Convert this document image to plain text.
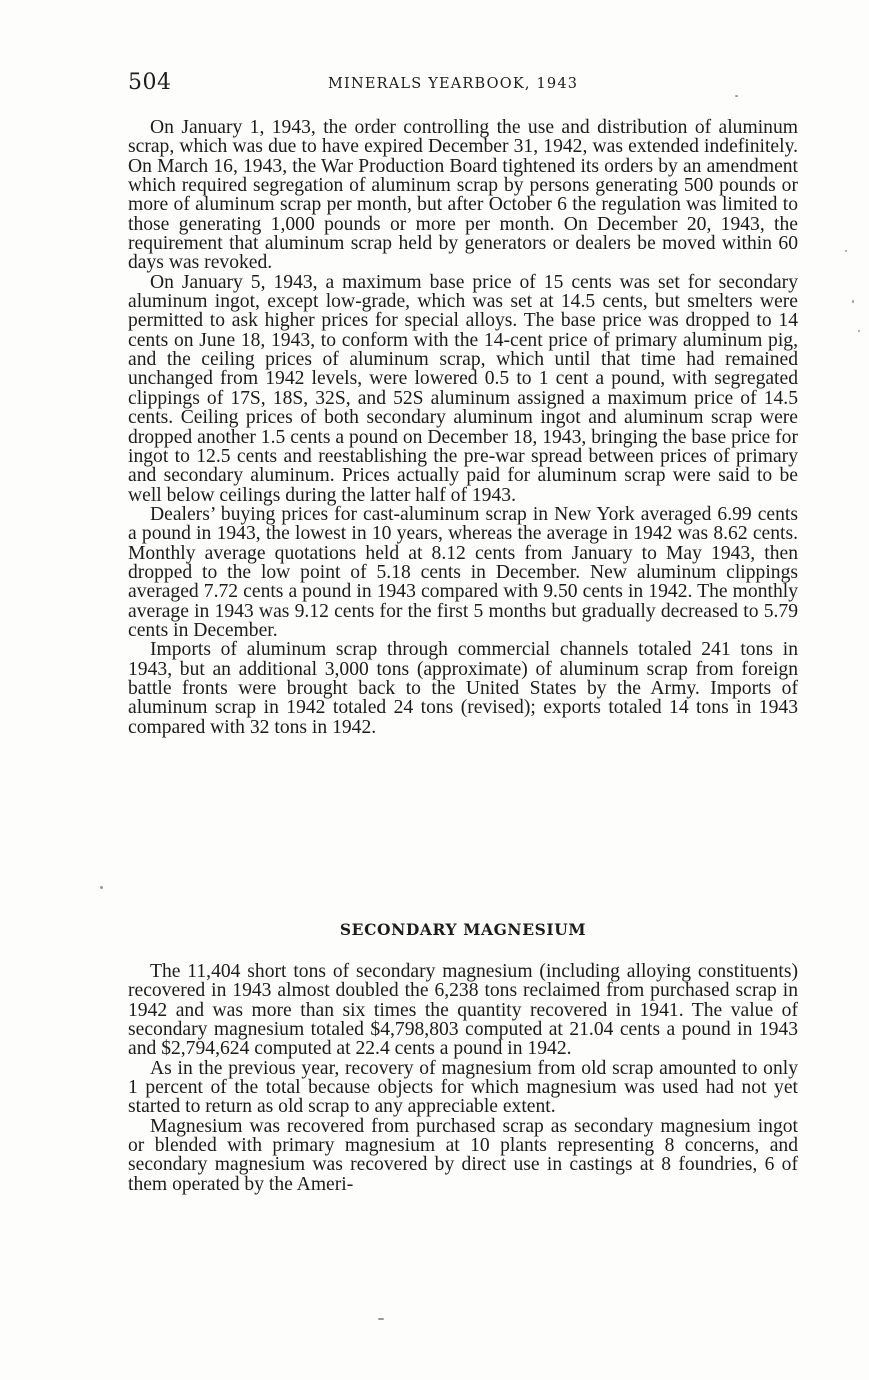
504	MINERALS YEARBOOK, 1943

On January 1, 1943, the order controlling the use and distribution of aluminum scrap, which was due to have expired December 31, 1942, was extended indefinitely. On March 16, 1943, the War Production Board tightened its orders by an amendment which required segregation of aluminum scrap by persons generating 500 pounds or more of aluminum scrap per month, but after October 6 the regulation was limited to those generating 1,000 pounds or more per month. On December 20, 1943, the requirement that aluminum scrap held by generators or dealers be moved within 60 days was revoked.

On January 5, 1943, a maximum base price of 15 cents was set for secondary aluminum ingot, except low-grade, which was set at 14.5 cents, but smelters were permitted to ask higher prices for special alloys. The base price was dropped to 14 cents on June 18, 1943, to conform with the 14-cent price of primary aluminum pig, and the ceiling prices of aluminum scrap, which until that time had remained unchanged from 1942 levels, were lowered 0.5 to 1 cent a pound, with segregated clippings of 17S, 18S, 32S, and 52S aluminum assigned a maximum price of 14.5 cents. Ceiling prices of both secondary aluminum ingot and aluminum scrap were dropped another 1.5 cents a pound on December 18, 1943, bringing the base price for ingot to 12.5 cents and reestablishing the pre-war spread between prices of primary and secondary aluminum. Prices actually paid for aluminum scrap were said to be well below ceilings during the latter half of 1943.

Dealers’ buying prices for cast-aluminum scrap in New York averaged 6.99 cents a pound in 1943, the lowest in 10 years, whereas the average in 1942 was 8.62 cents. Monthly average quotations held at 8.12 cents from January to May 1943, then dropped to the low point of 5.18 cents in December. New aluminum clippings averaged 7.72 cents a pound in 1943 compared with 9.50 cents in 1942. The monthly average in 1943 was 9.12 cents for the first 5 months but gradually decreased to 5.79 cents in December.

Imports of aluminum scrap through commercial channels totaled 241 tons in 1943, but an additional 3,000 tons (approximate) of aluminum scrap from foreign battle fronts were brought back to the United States by the Army. Imports of aluminum scrap in 1942 totaled 24 tons (revised); exports totaled 14 tons in 1943 compared with 32 tons in 1942.

SECONDARY MAGNESIUM

The 11,404 short tons of secondary magnesium (including alloying constituents) recovered in 1943 almost doubled the 6,238 tons reclaimed from purchased scrap in 1942 and was more than six times the quantity recovered in 1941. The value of secondary magnesium totaled $4,798,803 computed at 21.04 cents a pound in 1943 and $2,794,624 computed at 22.4 cents a pound in 1942.

As in the previous year, recovery of magnesium from old scrap amounted to only 1 percent of the total because objects for which magnesium was used had not yet started to return as old scrap to any appreciable extent.

Magnesium was recovered from purchased scrap as secondary magnesium ingot or blended with primary magnesium at 10 plants representing 8 concerns, and secondary magnesium was recovered by direct use in castings at 8 foundries, 6 of them operated by the Ameri-
